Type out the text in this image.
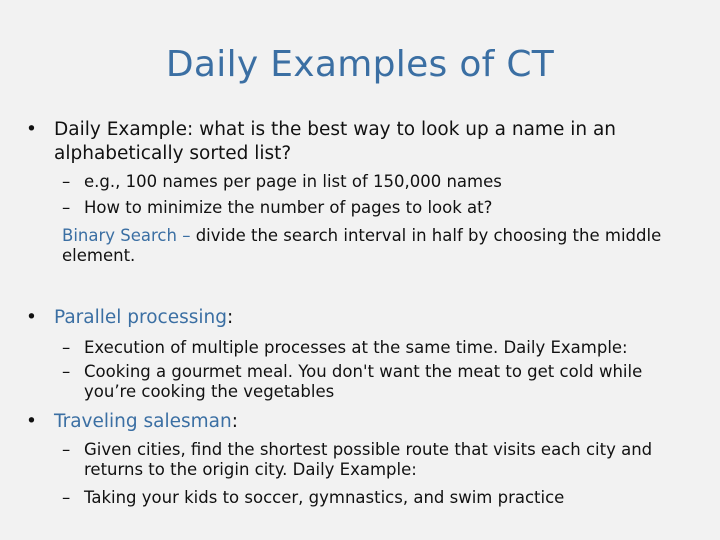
Daily Examples of CT
• Daily Example: what is the best way to look up a name in an alphabetically sorted list?
– e.g., 100 names per page in list of 150,000 names
– How to minimize the number of pages to look at?
Binary Search – divide the search interval in half by choosing the middle element.
• Parallel processing:
– Execution of multiple processes at the same time. Daily Example:
– Cooking a gourmet meal. You don't want the meat to get cold while you’re cooking the vegetables
• Traveling salesman:
– Given cities, find the shortest possible route that visits each city and returns to the origin city. Daily Example:
– Taking your kids to soccer, gymnastics, and swim practice
